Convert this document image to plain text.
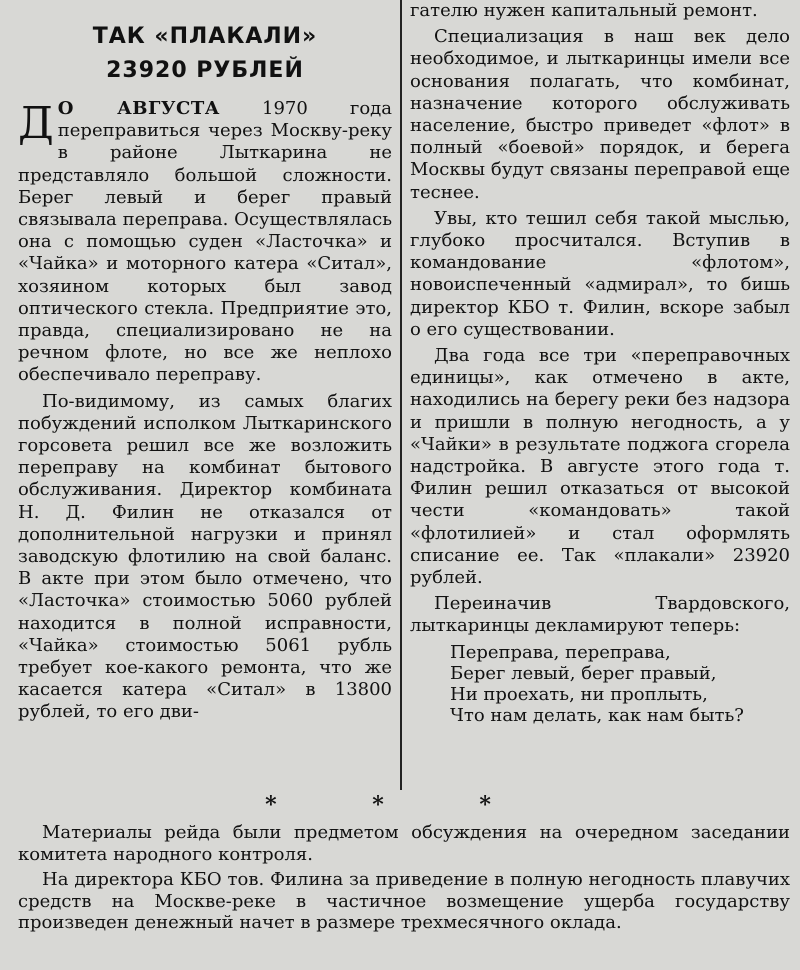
ТАК «ПЛАКАЛИ»
23920 РУБЛЕЙ

Д О АВГУСТА 1970 года переправиться через Москву-реку в районе Лыткарина не представляло большой сложности. Берег левый и берег правый связывала переправа. Осуществлялась она с помощью суден «Ласточка» и «Чайка» и моторного катера «Ситал», хозяином которых был завод оптического стекла. Предприятие это, правда, специализировано не на речном флоте, но все же неплохо обеспечивало переправу.

По-видимому, из самых благих побуждений исполком Лыткаринского горсовета решил все же возложить переправу на комбинат бытового обслуживания. Директор комбината Н. Д. Филин не отказался от дополнительной нагрузки и принял заводскую флотилию на свой баланс. В акте при этом было отмечено, что «Ласточка» стоимостью 5060 рублей находится в полной исправности, «Чайка» стоимостью 5061 рубль требует кое-какого ремонта, что же касается катера «Ситал» в 13800 рублей, то его дви-

гателю нужен капитальный ремонт.

Специализация в наш век дело необходимое, и лыткаринцы имели все основания полагать, что комбинат, назначение которого обслуживать население, быстро приведет «флот» в полный «боевой» порядок, и берега Москвы будут связаны переправой еще теснее.

Увы, кто тешил себя такой мыслью, глубоко просчитался. Вступив в командование «флотом», новоиспеченный «адмирал», то бишь директор КБО т. Филин, вскоре забыл о его существовании.

Два года все три «переправочных единицы», как отмечено в акте, находились на берегу реки без надзора и пришли в полную негодность, а у «Чайки» в результате поджога сгорела надстройка. В августе этого года т. Филин решил отказаться от высокой чести «командовать» такой «флотилией» и стал оформлять списание ее. Так «плакали» 23920 рублей.

Переиначив Твардовского, лыткаринцы декламируют теперь:

Переправа, переправа,
Берег левый, берег правый,
Ни проехать, ни проплыть,
Что нам делать, как нам быть?
* * *

Материалы рейда были предметом обсуждения на очередном заседании комитета народного контроля.

На директора КБО тов. Филина за приведение в полную негодность плавучих средств на Москве-реке в частичное возмещение ущерба государству произведен денежный начет в размере трехмесячного оклада.
